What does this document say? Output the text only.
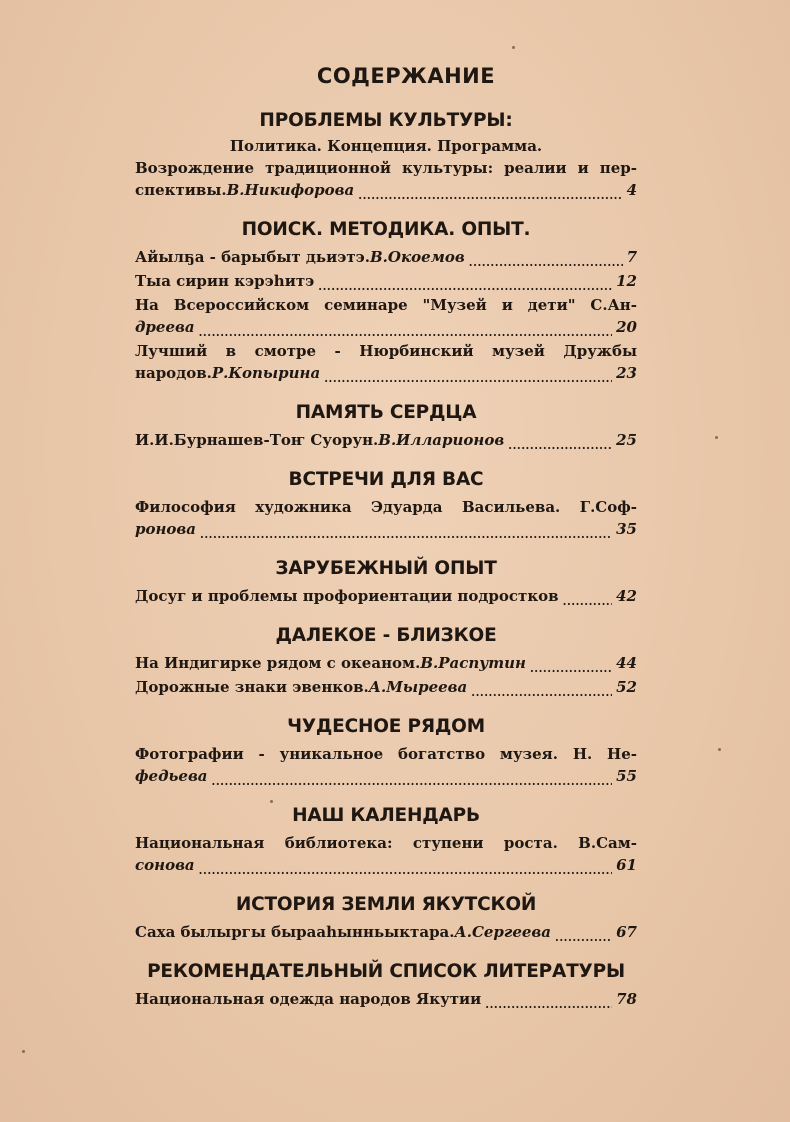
СОДЕРЖАНИЕ
ПРОБЛЕМЫ КУЛЬТУРЫ:
Политика. Концепция. Программа.
Возрождение традиционной культуры: реалии и пер-
спективы. В.Никифорова .....	4
ПОИСК. МЕТОДИКА. ОПЫТ.
Айылҕа - барыбыт дьиэтэ. В.Окоемов .....	7
Тыа сирин кэрэһитэ .....	12
На Всероссийском семинаре "Музей и дети" С.Ан-
дреева .....	20
Лучший в смотре - Нюрбинский музей Дружбы
народов. Р.Копырина .....	23
ПАМЯТЬ СЕРДЦА
И.И.Бурнашев-Тоҥ Суорун. В.Илларионов .....	25
ВСТРЕЧИ ДЛЯ ВАС
Философия художника Эдуарда Васильева. Г.Соф-
ронова .....	35
ЗАРУБЕЖНЫЙ ОПЫТ
Досуг и проблемы профориентации подростков .....	42
ДАЛЕКОЕ - БЛИЗКОЕ
На Индигирке рядом с океаном. В.Распутин .....	44
Дорожные знаки эвенков. А.Мыреева .....	52
ЧУДЕСНОЕ РЯДОМ
Фотографии - уникальное богатство музея. Н. Не-
федьева .....	55
НАШ КАЛЕНДАРЬ
Национальная библиотека: ступени роста. В.Сам-
сонова .....	61
ИСТОРИЯ ЗЕМЛИ ЯКУТСКОЙ
Саха былыргы бырааһынньыктара. А.Сергеева .....	67
РЕКОМЕНДАТЕЛЬНЫЙ СПИСОК ЛИТЕРАТУРЫ
Национальная одежда народов Якутии .....	78
